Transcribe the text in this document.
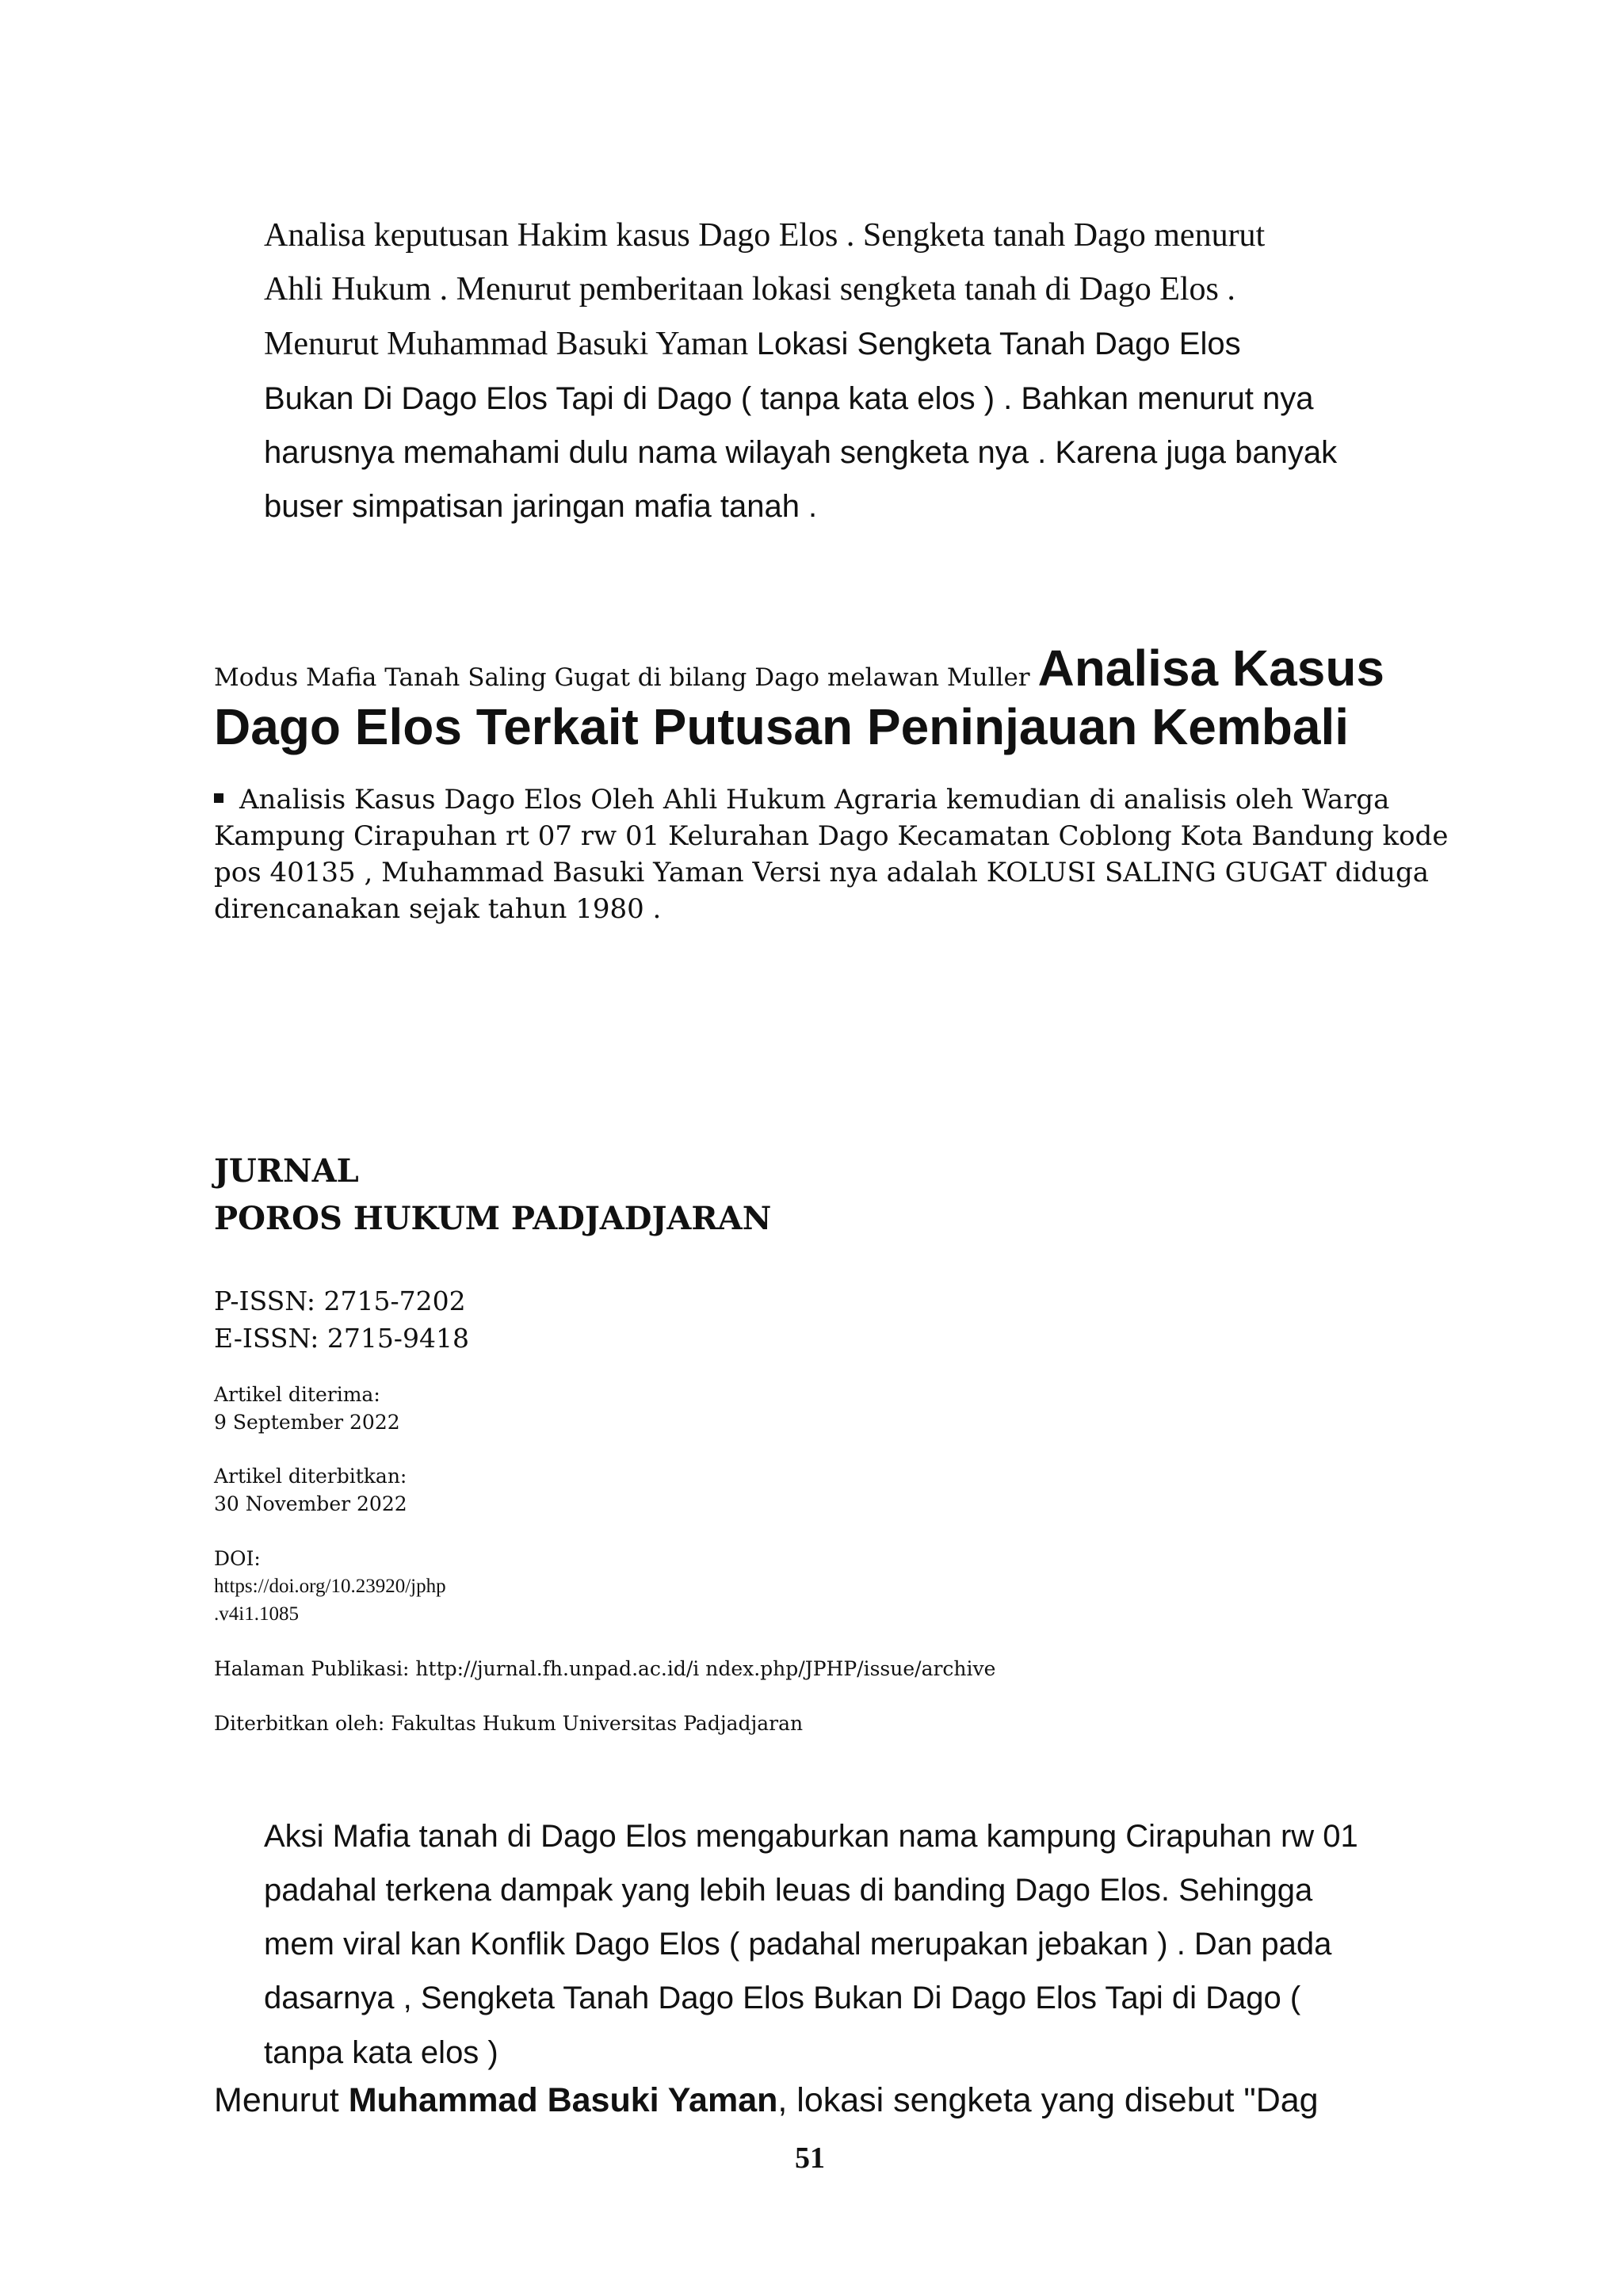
Analisa keputusan Hakim kasus Dago Elos . Sengketa tanah Dago menurut
Ahli Hukum . Menurut pemberitaan lokasi sengketa tanah di Dago Elos .
Menurut Muhammad Basuki Yaman Lokasi Sengketa Tanah Dago Elos
Bukan Di Dago Elos Tapi di Dago ( tanpa kata elos ) . Bahkan menurut nya
harusnya memahami dulu nama wilayah sengketa nya . Karena juga banyak
buser simpatisan jaringan mafia tanah .
Modus Mafia Tanah Saling Gugat di bilang Dago melawan Muller Analisa Kasus
Dago Elos Terkait Putusan Peninjauan Kembali
Analisis Kasus Dago Elos Oleh Ahli Hukum Agraria kemudian di analisis oleh Warga Kampung Cirapuhan rt 07 rw 01 Kelurahan Dago Kecamatan Coblong Kota Bandung kode pos 40135 , Muhammad Basuki Yaman Versi nya adalah KOLUSI SALING GUGAT diduga direncanakan sejak tahun 1980 .
JURNAL
POROS HUKUM PADJADJARAN
P-ISSN: 2715-7202
E-ISSN: 2715-9418
Artikel diterima:
9 September 2022
Artikel diterbitkan:
30 November 2022
DOI:
https://doi.org/10.23920/jphp
.v4i1.1085
Halaman Publikasi: http://jurnal.fh.unpad.ac.id/i ndex.php/JPHP/issue/archive
Diterbitkan oleh: Fakultas Hukum Universitas Padjadjaran
Aksi Mafia tanah di Dago Elos mengaburkan nama kampung Cirapuhan rw 01
padahal terkena dampak yang lebih leuas di banding Dago Elos. Sehingga
mem viral kan Konflik Dago Elos ( padahal merupakan jebakan ) . Dan pada
dasarnya , Sengketa Tanah Dago Elos Bukan Di Dago Elos Tapi di Dago (
tanpa kata elos )
Menurut Muhammad Basuki Yaman, lokasi sengketa yang disebut "Dag
51
